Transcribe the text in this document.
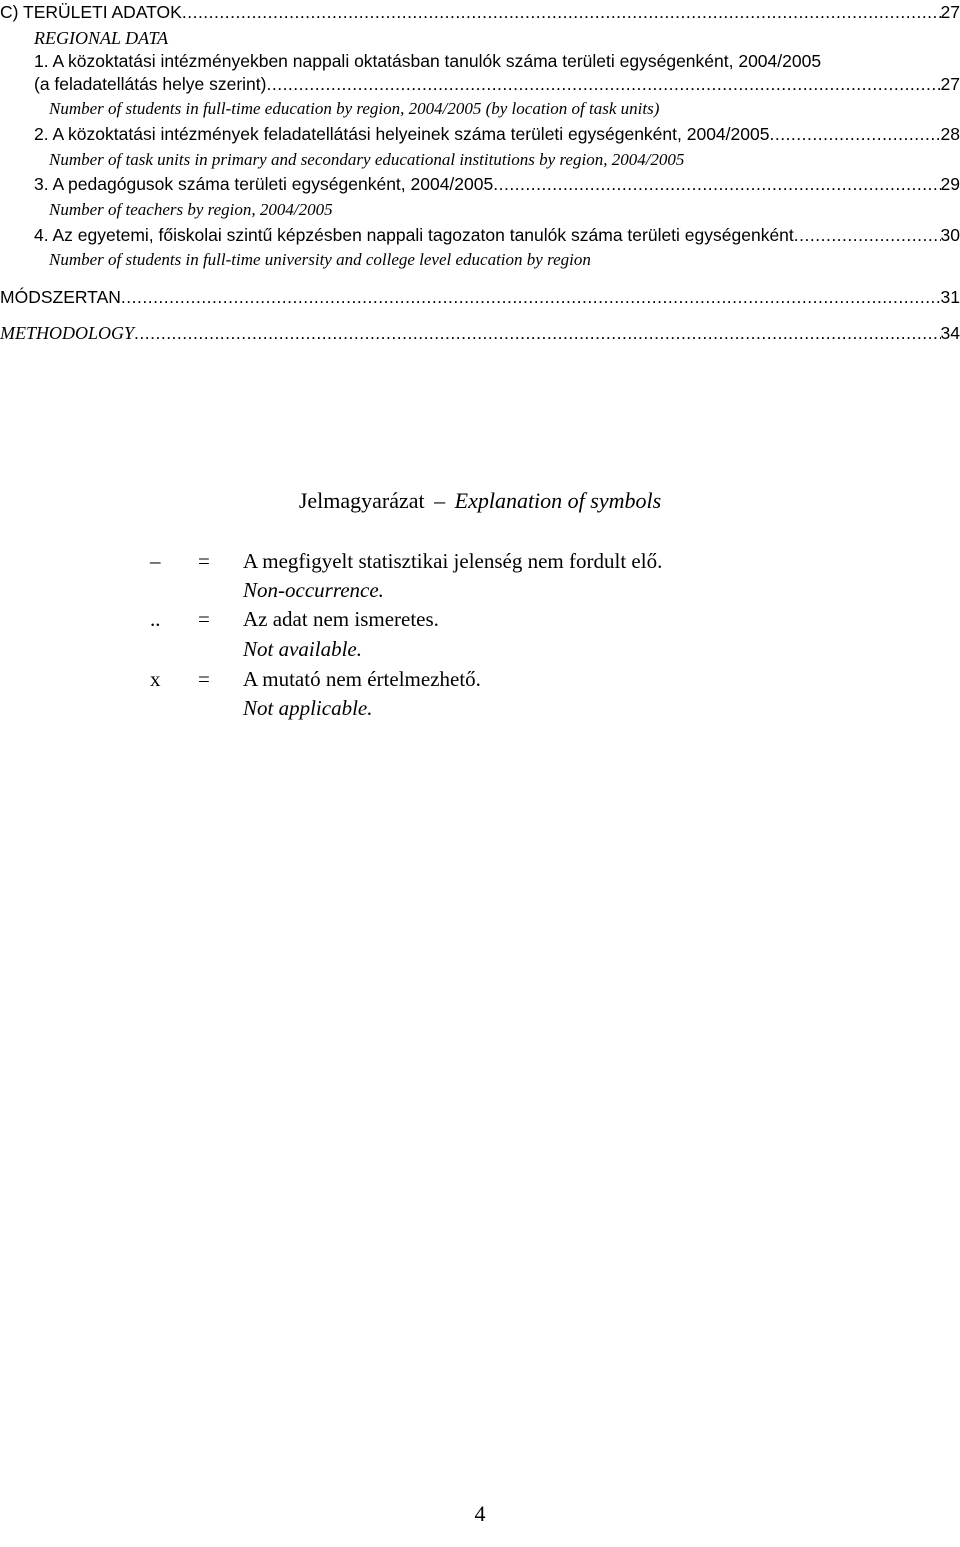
C) TERÜLETI ADATOK .....	27
REGIONAL DATA
1. A közoktatási intézményekben nappali oktatásban tanulók száma területi egységenként, 2004/2005
(a feladatellátás helye szerint) .....	27
Number of students in full-time education by region, 2004/2005 (by location of task units)
2. A közoktatási intézmények feladatellátási helyeinek száma területi egységenként, 2004/2005 .....	28
Number of task units in primary and secondary educational institutions by region, 2004/2005
3. A pedagógusok száma területi egységenként, 2004/2005 .....	29
Number of teachers by region, 2004/2005
4. Az egyetemi, főiskolai szintű képzésben nappali tagozaton tanulók száma területi egységenként .....	30
Number of students in full-time university and college level education by region
MÓDSZERTAN .....	31
METHODOLOGY .....	34
Jelmagyarázat – Explanation of symbols
–	=	A megfigyelt statisztikai jelenség nem fordult elő.
Non-occurrence.
..	=	Az adat nem ismeretes.
Not available.
x	=	A mutató nem értelmezhető.
Not applicable.
4
